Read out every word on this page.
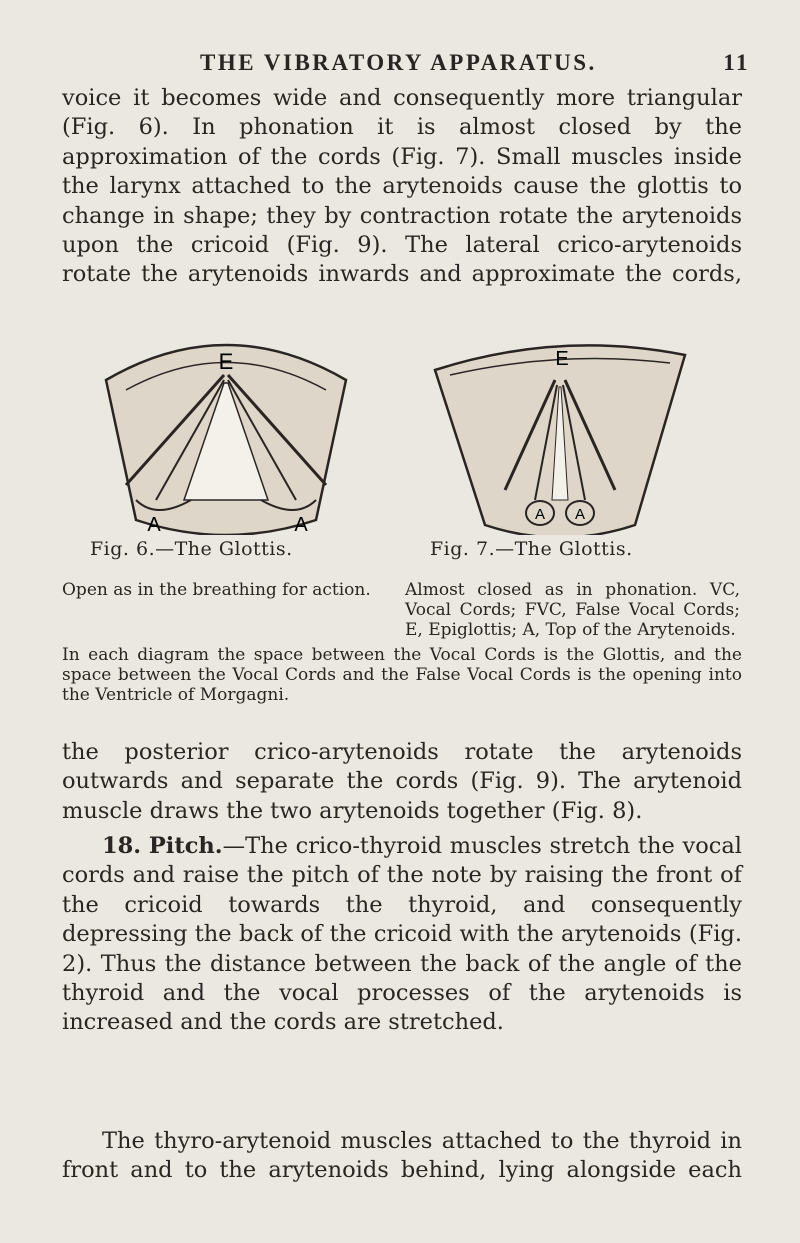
THE VIBRATORY APPARATUS.	11

voice it becomes wide and consequently more triangular (Fig. 6). In phonation it is almost closed by the approximation of the cords (Fig. 7). Small muscles inside the larynx attached to the arytenoids cause the glottis to change in shape; they by contraction rotate the arytenoids upon the cricoid (Fig. 9). The lateral crico-arytenoids rotate the arytenoids inwards and approximate the cords,

E
A	A
E
A A
Fig. 6.—The Glottis.	Fig. 7.—The Glottis.
Open as in the breathing for action.	Almost closed as in phonation. VC, Vocal Cords; FVC, False Vocal Cords; E, Epiglottis; A, Top of the Arytenoids.
In each diagram the space between the Vocal Cords is the Glottis, and the space between the Vocal Cords and the False Vocal Cords is the opening into the Ventricle of Morgagni.

the posterior crico-arytenoids rotate the arytenoids outwards and separate the cords (Fig. 9). The arytenoid muscle draws the two arytenoids together (Fig. 8).

18. Pitch.—The crico-thyroid muscles stretch the vocal cords and raise the pitch of the note by raising the front of the cricoid towards the thyroid, and consequently depressing the back of the cricoid with the arytenoids (Fig. 2). Thus the distance between the back of the angle of the thyroid and the vocal processes of the arytenoids is increased and the cords are stretched.

The thyro-arytenoid muscles attached to the thyroid in front and to the arytenoids behind, lying alongside each
